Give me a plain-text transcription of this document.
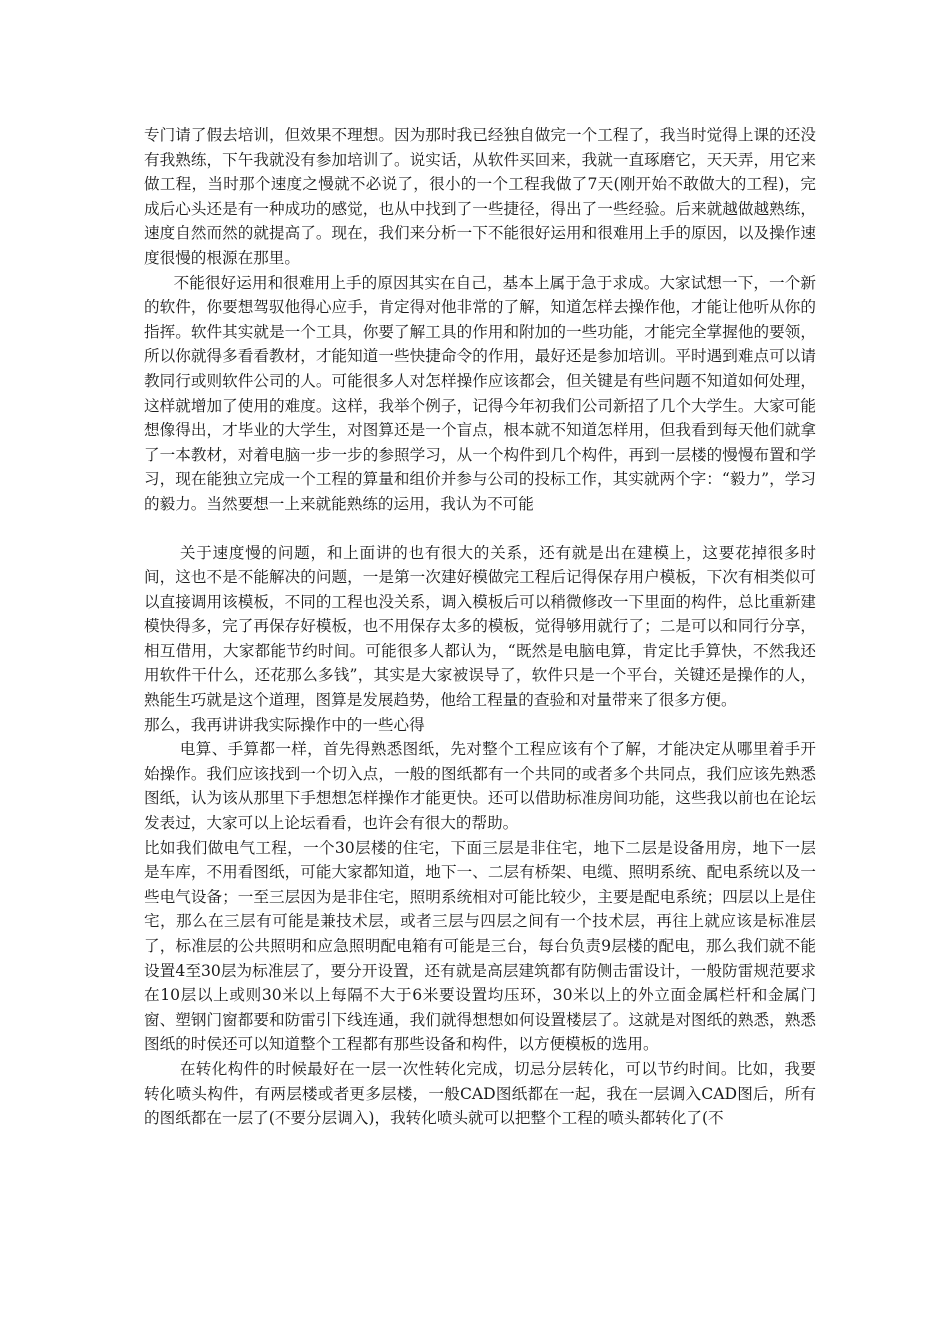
专门请了假去培训，但效果不理想。因为那时我已经独自做完一个工程了，我当时觉得上课的还没有我熟练，下午我就没有参加培训了。说实话，从软件买回来，我就一直琢磨它，天天弄，用它来做工程，当时那个速度之慢就不必说了，很小的一个工程我做了7天(刚开始不敢做大的工程)，完成后心头还是有一种成功的感觉，也从中找到了一些捷径，得出了一些经验。后来就越做越熟练，速度自然而然的就提高了。现在，我们来分析一下不能很好运用和很难用上手的原因，以及操作速度很慢的根源在那里。

不能很好运用和很难用上手的原因其实在自己，基本上属于急于求成。大家试想一下，一个新的软件，你要想驾驭他得心应手，肯定得对他非常的了解，知道怎样去操作他，才能让他听从你的指挥。软件其实就是一个工具，你要了解工具的作用和附加的一些功能，才能完全掌握他的要领，所以你就得多看看教材，才能知道一些快捷命令的作用，最好还是参加培训。平时遇到难点可以请教同行或则软件公司的人。可能很多人对怎样操作应该都会，但关键是有些问题不知道如何处理，这样就增加了使用的难度。这样，我举个例子，记得今年初我们公司新招了几个大学生。大家可能想像得出，才毕业的大学生，对图算还是一个盲点，根本就不知道怎样用，但我看到每天他们就拿了一本教材，对着电脑一步一步的参照学习，从一个构件到几个构件，再到一层楼的慢慢布置和学习，现在能独立完成一个工程的算量和组价并参与公司的投标工作，其实就两个字：“毅力”，学习的毅力。当然要想一上来就能熟练的运用，我认为不可能

关于速度慢的问题，和上面讲的也有很大的关系，还有就是出在建模上，这要花掉很多时间，这也不是不能解决的问题，一是第一次建好模做完工程后记得保存用户模板，下次有相类似可以直接调用该模板，不同的工程也没关系，调入模板后可以稍微修改一下里面的构件，总比重新建模快得多，完了再保存好模板，也不用保存太多的模板，觉得够用就行了；二是可以和同行分享，相互借用，大家都能节约时间。可能很多人都认为，“既然是电脑电算，肯定比手算快，不然我还用软件干什么，还花那么多钱”，其实是大家被误导了，软件只是一个平台，关键还是操作的人，熟能生巧就是这个道理，图算是发展趋势，他给工程量的查验和对量带来了很多方便。

那么，我再讲讲我实际操作中的一些心得

电算、手算都一样，首先得熟悉图纸，先对整个工程应该有个了解，才能决定从哪里着手开始操作。我们应该找到一个切入点，一般的图纸都有一个共同的或者多个共同点，我们应该先熟悉图纸，认为该从那里下手想想怎样操作才能更快。还可以借助标准房间功能，这些我以前也在论坛发表过，大家可以上论坛看看，也许会有很大的帮助。

比如我们做电气工程，一个30层楼的住宅，下面三层是非住宅，地下二层是设备用房，地下一层是车库，不用看图纸，可能大家都知道，地下一、二层有桥架、电缆、照明系统、配电系统以及一些电气设备；一至三层因为是非住宅，照明系统相对可能比较少，主要是配电系统；四层以上是住宅，那么在三层有可能是兼技术层，或者三层与四层之间有一个技术层，再往上就应该是标准层了，标准层的公共照明和应急照明配电箱有可能是三台，每台负责9层楼的配电，那么我们就不能设置4至30层为标准层了，要分开设置，还有就是高层建筑都有防侧击雷设计，一般防雷规范要求在10层以上或则30米以上每隔不大于6米要设置均压环，30米以上的外立面金属栏杆和金属门窗、塑钢门窗都要和防雷引下线连通，我们就得想想如何设置楼层了。这就是对图纸的熟悉，熟悉图纸的时侯还可以知道整个工程都有那些设备和构件，以方便模板的选用。

在转化构件的时候最好在一层一次性转化完成，切忌分层转化，可以节约时间。比如，我要转化喷头构件，有两层楼或者更多层楼，一般CAD图纸都在一起，我在一层调入CAD图后，所有的图纸都在一层了(不要分层调入)，我转化喷头就可以把整个工程的喷头都转化了(不
